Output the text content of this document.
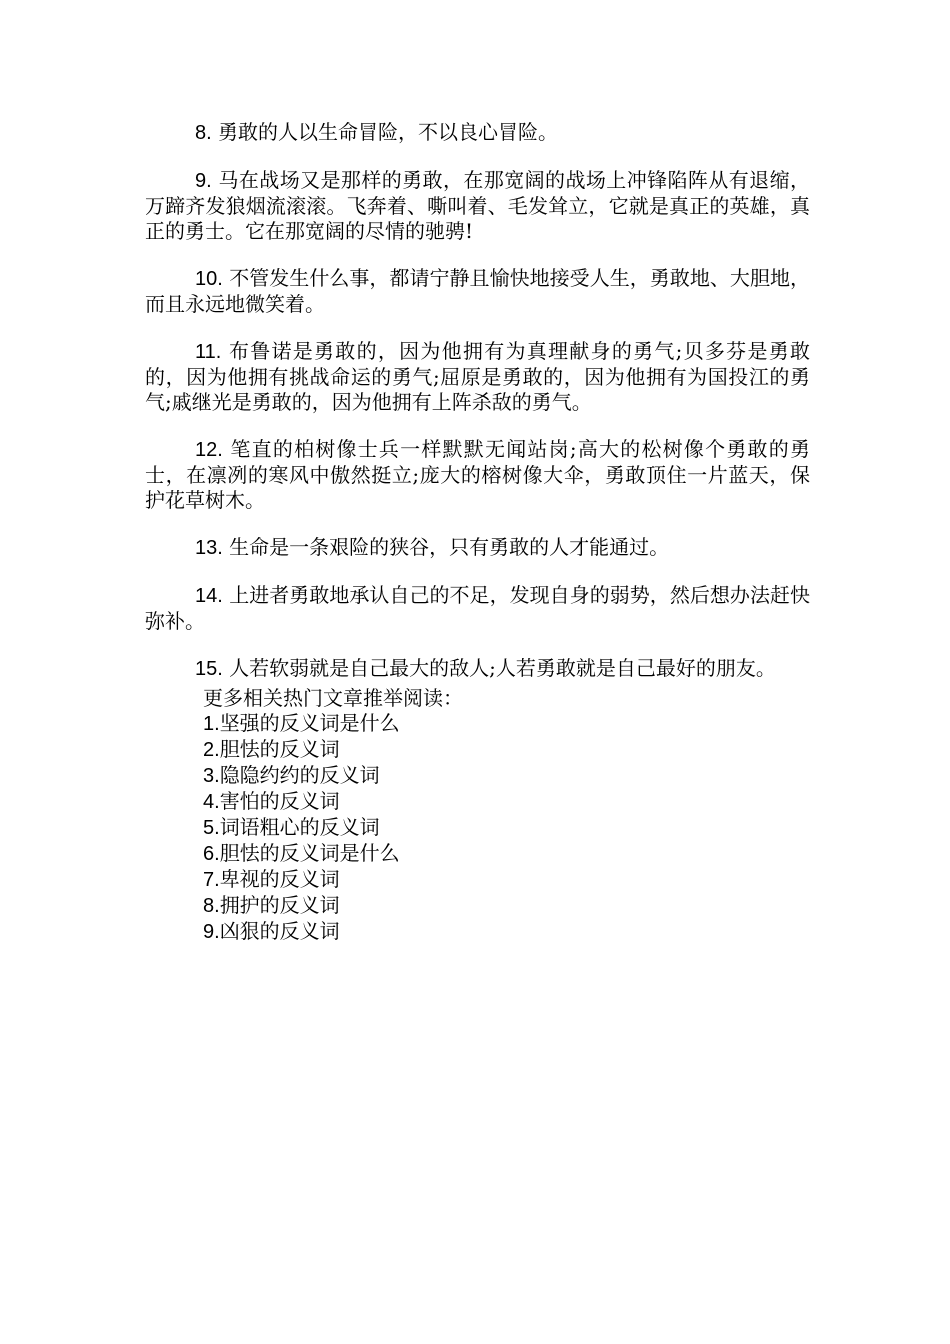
8. 勇敢的人以生命冒险，不以良心冒险。

9. 马在战场又是那样的勇敢，在那宽阔的战场上冲锋陷阵从有退缩，万蹄齐发狼烟流滚滚。飞奔着、嘶叫着、毛发耸立，它就是真正的英雄，真正的勇士。它在那宽阔的尽情的驰骋!

10. 不管发生什么事，都请宁静且愉快地接受人生，勇敢地、大胆地，而且永远地微笑着。

11. 布鲁诺是勇敢的，因为他拥有为真理献身的勇气;贝多芬是勇敢的，因为他拥有挑战命运的勇气;屈原是勇敢的，因为他拥有为国投江的勇气;戚继光是勇敢的，因为他拥有上阵杀敌的勇气。

12. 笔直的柏树像士兵一样默默无闻站岗;高大的松树像个勇敢的勇士，在凛冽的寒风中傲然挺立;庞大的榕树像大伞，勇敢顶住一片蓝天，保护花草树木。

13. 生命是一条艰险的狭谷，只有勇敢的人才能通过。

14. 上进者勇敢地承认自己的不足，发现自身的弱势，然后想办法赶快弥补。

15. 人若软弱就是自己最大的敌人;人若勇敢就是自己最好的朋友。

更多相关热门文章推举阅读：

1.坚强的反义词是什么
2.胆怯的反义词
3.隐隐约约的反义词
4.害怕的反义词
5.词语粗心的反义词
6.胆怯的反义词是什么
7.卑视的反义词
8.拥护的反义词
9.凶狠的反义词
